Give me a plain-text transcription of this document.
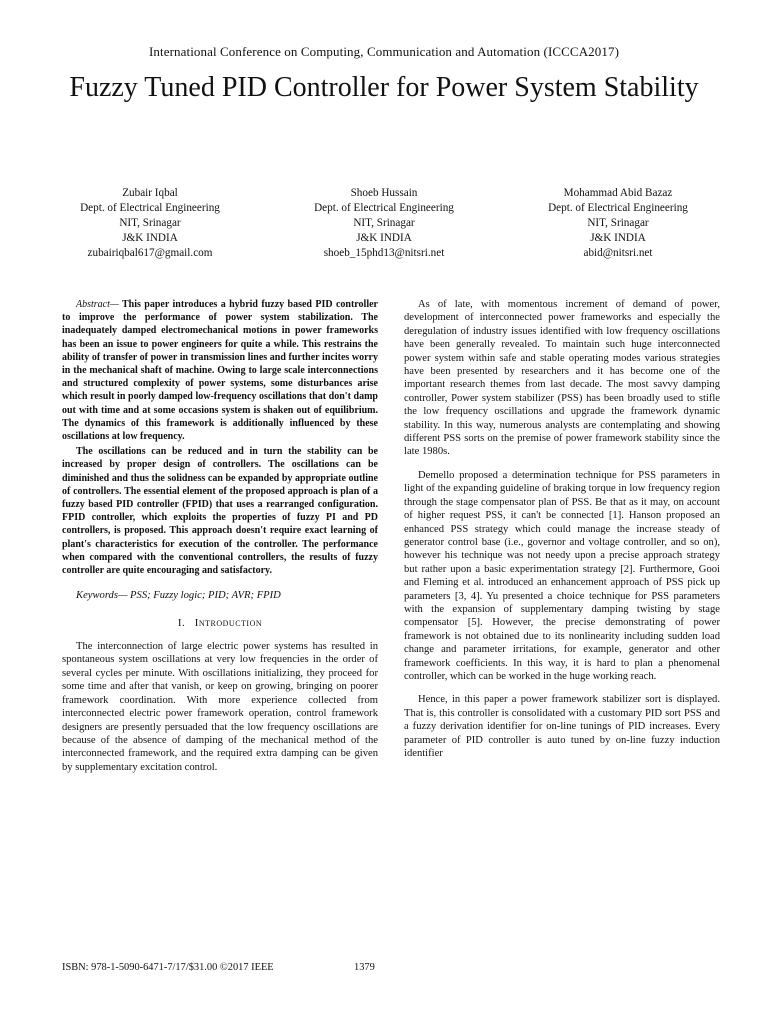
International Conference on Computing, Communication and Automation (ICCCA2017)
Fuzzy Tuned PID Controller for Power System Stability
Zubair Iqbal
Dept. of Electrical Engineering
NIT, Srinagar
J&K INDIA
zubairiqbal617@gmail.com
Shoeb Hussain
Dept. of Electrical Engineering
NIT, Srinagar
J&K INDIA
shoeb_15phd13@nitsri.net
Mohammad Abid Bazaz
Dept. of Electrical Engineering
NIT, Srinagar
J&K INDIA
abid@nitsri.net

Abstract— This paper introduces a hybrid fuzzy based PID controller to improve the performance of power system stabilization. The inadequately damped electromechanical motions in power frameworks has been an issue to power engineers for quite a while. This restrains the ability of transfer of power in transmission lines and further incites worry in the mechanical shaft of machine. Owing to large scale interconnections and structured complexity of power systems, some disturbances arise which result in poorly damped low-frequency oscillations that don't damp out with time and at some occasions system is shaken out of equilibrium. The dynamics of this framework is additionally influenced by these oscillations at low frequency.

The oscillations can be reduced and in turn the stability can be increased by proper design of controllers. The oscillations can be diminished and thus the solidness can be expanded by appropriate outline of controllers. The essential element of the proposed approach is plan of a fuzzy based PID controller (FPID) that uses a rearranged configuration. FPID controller, which exploits the properties of fuzzy PI and PD controllers, is proposed. This approach doesn't require exact learning of plant's characteristics for execution of the controller. The performance when compared with the conventional controllers, the results of fuzzy controller are quite encouraging and satisfactory.

Keywords— PSS; Fuzzy logic; PID; AVR; FPID
I. Introduction

The interconnection of large electric power systems has resulted in spontaneous system oscillations at very low frequencies in the order of several cycles per minute. With oscillations initializing, they proceed for some time and after that vanish, or keep on growing, bringing on poorer framework coordination. With more experience collected from interconnected electric power framework operation, control framework designers are presently persuaded that the low frequency oscillations are because of the absence of damping of the mechanical method of the interconnected framework, and the required extra damping can be given by supplementary excitation control.

As of late, with momentous increment of demand of power, development of interconnected power frameworks and especially the deregulation of industry issues identified with low frequency oscillations have been generally revealed. To maintain such huge interconnected power system within safe and stable operating modes various strategies have been presented by researchers and it has become one of the important research themes from last decade. The most savvy damping controller, Power system stabilizer (PSS) has been broadly used to stifle the low frequency oscillations and upgrade the framework dynamic stability. In this way, numerous analysts are contemplating and showing different PSS sorts on the premise of power framework stability since the late 1980s.

Demello proposed a determination technique for PSS parameters in light of the expanding guideline of braking torque in low frequency region through the stage compensator plan of PSS. Be that as it may, on account of higher request PSS, it can't be connected [1]. Hanson proposed an enhanced PSS strategy which could manage the increase steady of generator control base (i.e., governor and voltage controller, and so on), however his technique was not needy upon a precise approach strategy but rather upon a basic experimentation strategy [2]. Furthermore, Gooi and Fleming et al. introduced an enhancement approach of PSS pick up parameters [3, 4]. Yu presented a choice technique for PSS parameters with the expansion of supplementary damping twisting by stage compensator [5]. However, the precise demonstrating of power framework is not obtained due to its nonlinearity including sudden load change and parameter irritations, for example, generator and other framework coefficients. In this way, it is hard to plan a phenomenal controller, which can be worked in the huge working reach.

Hence, in this paper a power framework stabilizer sort is displayed. That is, this controller is consolidated with a customary PID sort PSS and a fuzzy derivation identifier for on-line tunings of PID increases. Every parameter of PID controller is auto tuned by on-line fuzzy induction identifier

ISBN: 978-1-5090-6471-7/17/$31.00 ©2017 IEEE	1379
